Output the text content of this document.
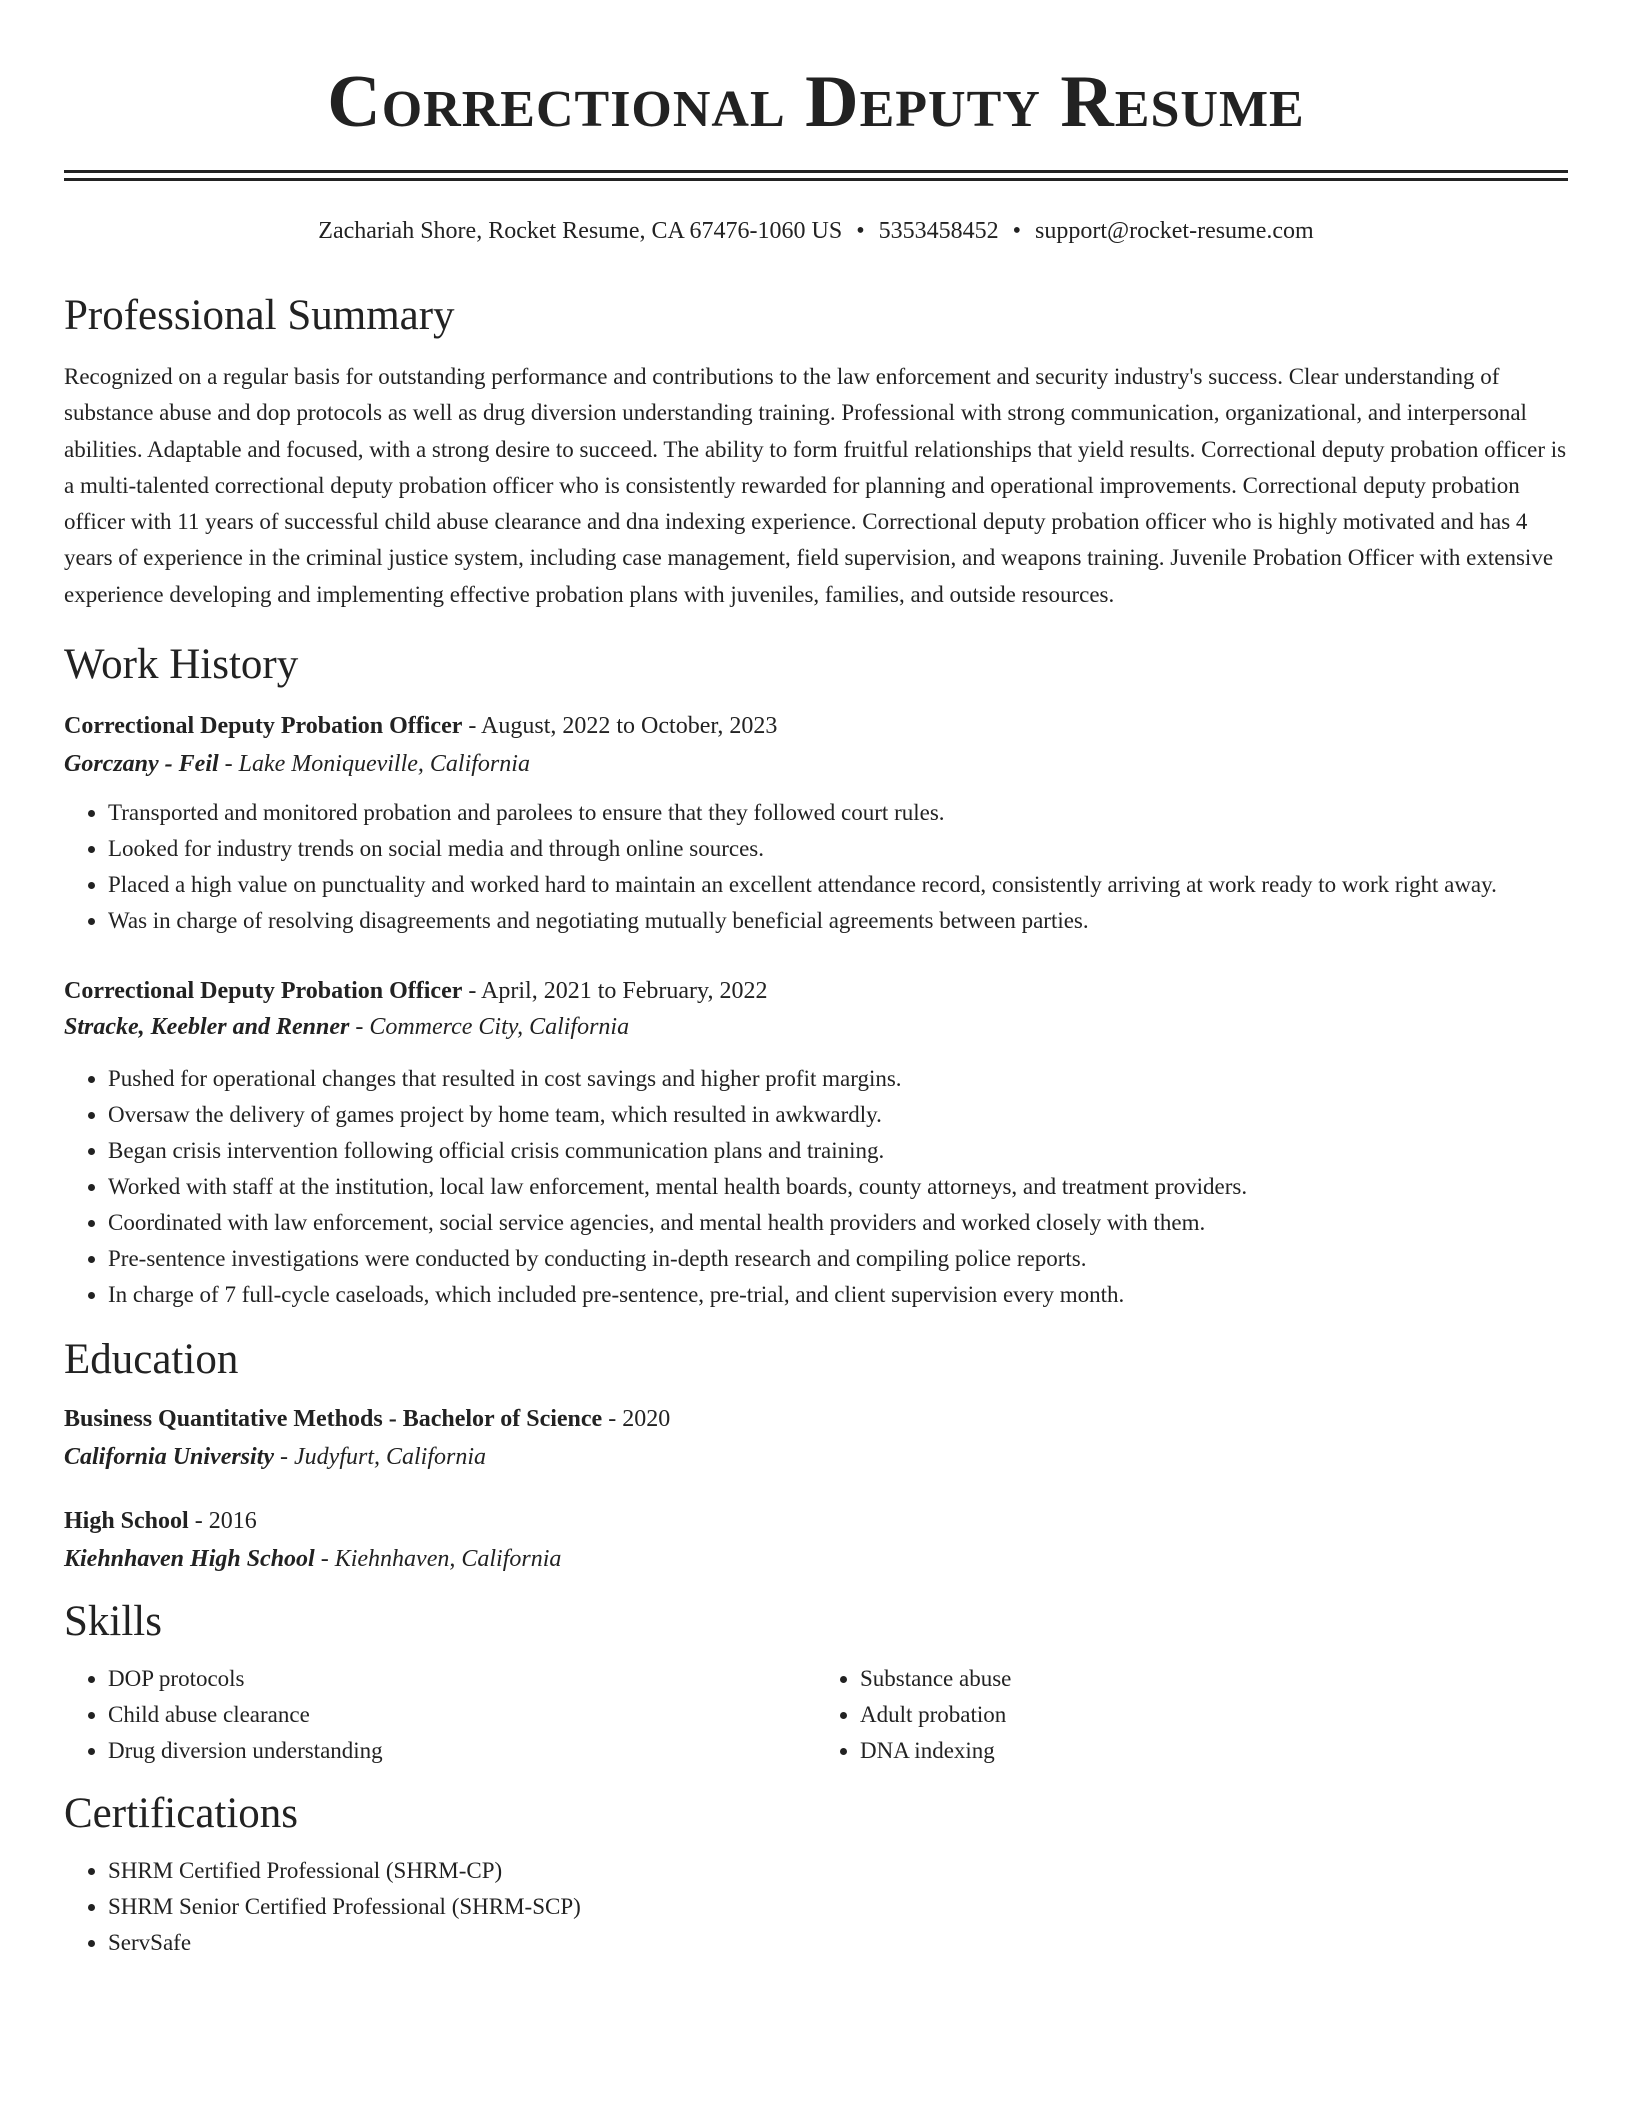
Correctional Deputy Resume
Zachariah Shore, Rocket Resume, CA 67476-1060 US • 5353458452 • support@rocket-resume.com
Professional Summary

Recognized on a regular basis for outstanding performance and contributions to the law enforcement and security industry's success. Clear understanding of substance abuse and dop protocols as well as drug diversion understanding training. Professional with strong communication, organizational, and interpersonal abilities. Adaptable and focused, with a strong desire to succeed. The ability to form fruitful relationships that yield results. Correctional deputy probation officer is a multi-talented correctional deputy probation officer who is consistently rewarded for planning and operational improvements. Correctional deputy probation officer with 11 years of successful child abuse clearance and dna indexing experience. Correctional deputy probation officer who is highly motivated and has 4 years of experience in the criminal justice system, including case management, field supervision, and weapons training. Juvenile Probation Officer with extensive experience developing and implementing effective probation plans with juveniles, families, and outside resources.

Work History
Correctional Deputy Probation Officer - August, 2022 to October, 2023
Gorczany - Feil - Lake Moniqueville, California
• Transported and monitored probation and parolees to ensure that they followed court rules.
• Looked for industry trends on social media and through online sources.
• Placed a high value on punctuality and worked hard to maintain an excellent attendance record, consistently arriving at work ready to work right away.
• Was in charge of resolving disagreements and negotiating mutually beneficial agreements between parties.
Correctional Deputy Probation Officer - April, 2021 to February, 2022
Stracke, Keebler and Renner - Commerce City, California
• Pushed for operational changes that resulted in cost savings and higher profit margins.
• Oversaw the delivery of games project by home team, which resulted in awkwardly.
• Began crisis intervention following official crisis communication plans and training.
• Worked with staff at the institution, local law enforcement, mental health boards, county attorneys, and treatment providers.
• Coordinated with law enforcement, social service agencies, and mental health providers and worked closely with them.
• Pre-sentence investigations were conducted by conducting in-depth research and compiling police reports.
• In charge of 7 full-cycle caseloads, which included pre-sentence, pre-trial, and client supervision every month.
Education
Business Quantitative Methods - Bachelor of Science - 2020
California University - Judyfurt, California
High School - 2016
Kiehnhaven High School - Kiehnhaven, California
Skills
• DOP protocols
• Child abuse clearance
• Drug diversion understanding
• Substance abuse
• Adult probation
• DNA indexing
Certifications
• SHRM Certified Professional (SHRM-CP)
• SHRM Senior Certified Professional (SHRM-SCP)
• ServSafe
